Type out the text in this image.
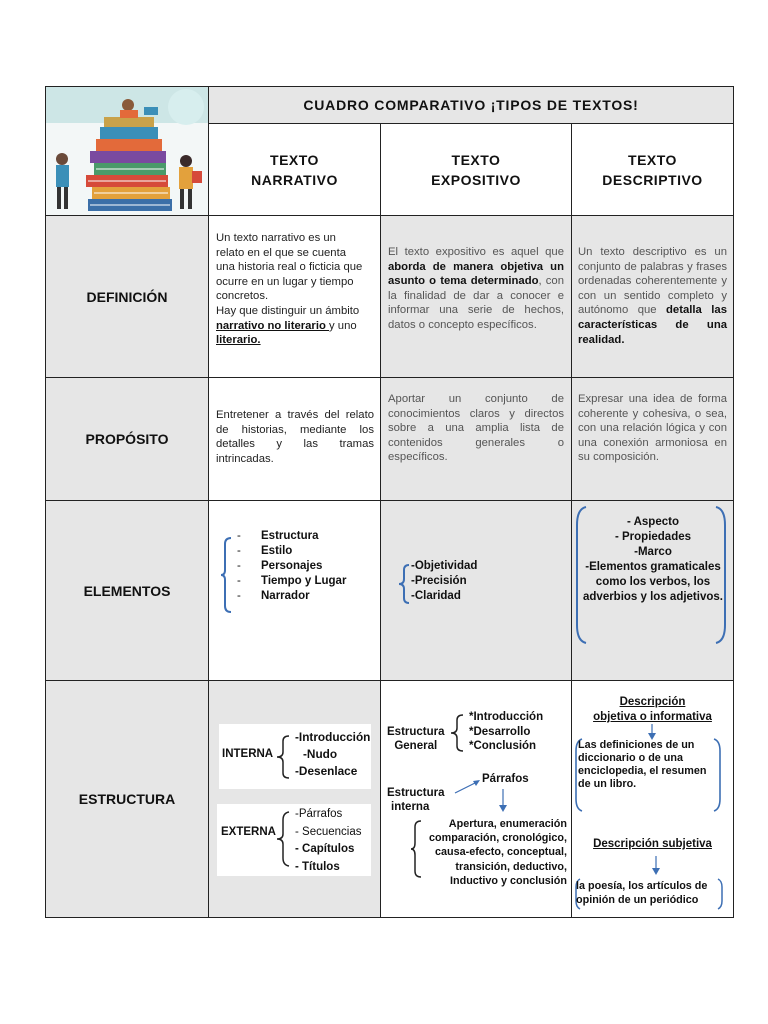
CUADRO COMPARATIVO ¡TIPOS DE TEXTOS!
TEXTO
NARRATIVO
TEXTO
EXPOSITIVO
TEXTO
DESCRIPTIVO
DEFINICIÓN
Un texto narrativo es un relato en el que se cuenta una historia real o ficticia que ocurre en un lugar y tiempo concretos.
Hay que distinguir un ámbito narrativo no literario y uno literario.
El texto expositivo es aquel que aborda de manera objetiva un asunto o tema determinado, con la finalidad de dar a conocer e informar una serie de hechos, datos o concepto específicos.
Un texto descriptivo es un conjunto de palabras y frases ordenadas coherentemente y con un sentido completo y autónomo que detalla las características de una realidad.
PROPÓSITO
Entretener a través del relato de historias, mediante los detalles y las tramas intrincadas.
Aportar un conjunto de conocimientos claros y directos sobre a una amplia lista de contenidos generales o específicos.
Expresar una idea de forma coherente y cohesiva, o sea, con una relación lógica y con una conexión armoniosa en su composición.
ELEMENTOS
- Estructura
- Estilo
- Personajes
- Tiempo y Lugar
- Narrador
-Objetividad
-Precisión
-Claridad
- Aspecto
- Propiedades
-Marco
-Elementos gramaticales como los verbos, los adverbios y los adjetivos.
ESTRUCTURA
INTERNA
-Introducción
-Nudo
-Desenlace
EXTERNA
-Párrafos
- Secuencias
- Capítulos
- Títulos
Estructura
General
*Introducción
*Desarrollo
*Conclusión
Estructura
interna
Párrafos
Apertura, enumeración comparación, cronológico, causa-efecto, conceptual, transición, deductivo, Inductivo y conclusión
Descripción
objetiva o informativa
Las definiciones de un diccionario o de una enciclopedia, el resumen de un libro.
Descripción subjetiva
la poesía, los artículos de opinión de un periódico
